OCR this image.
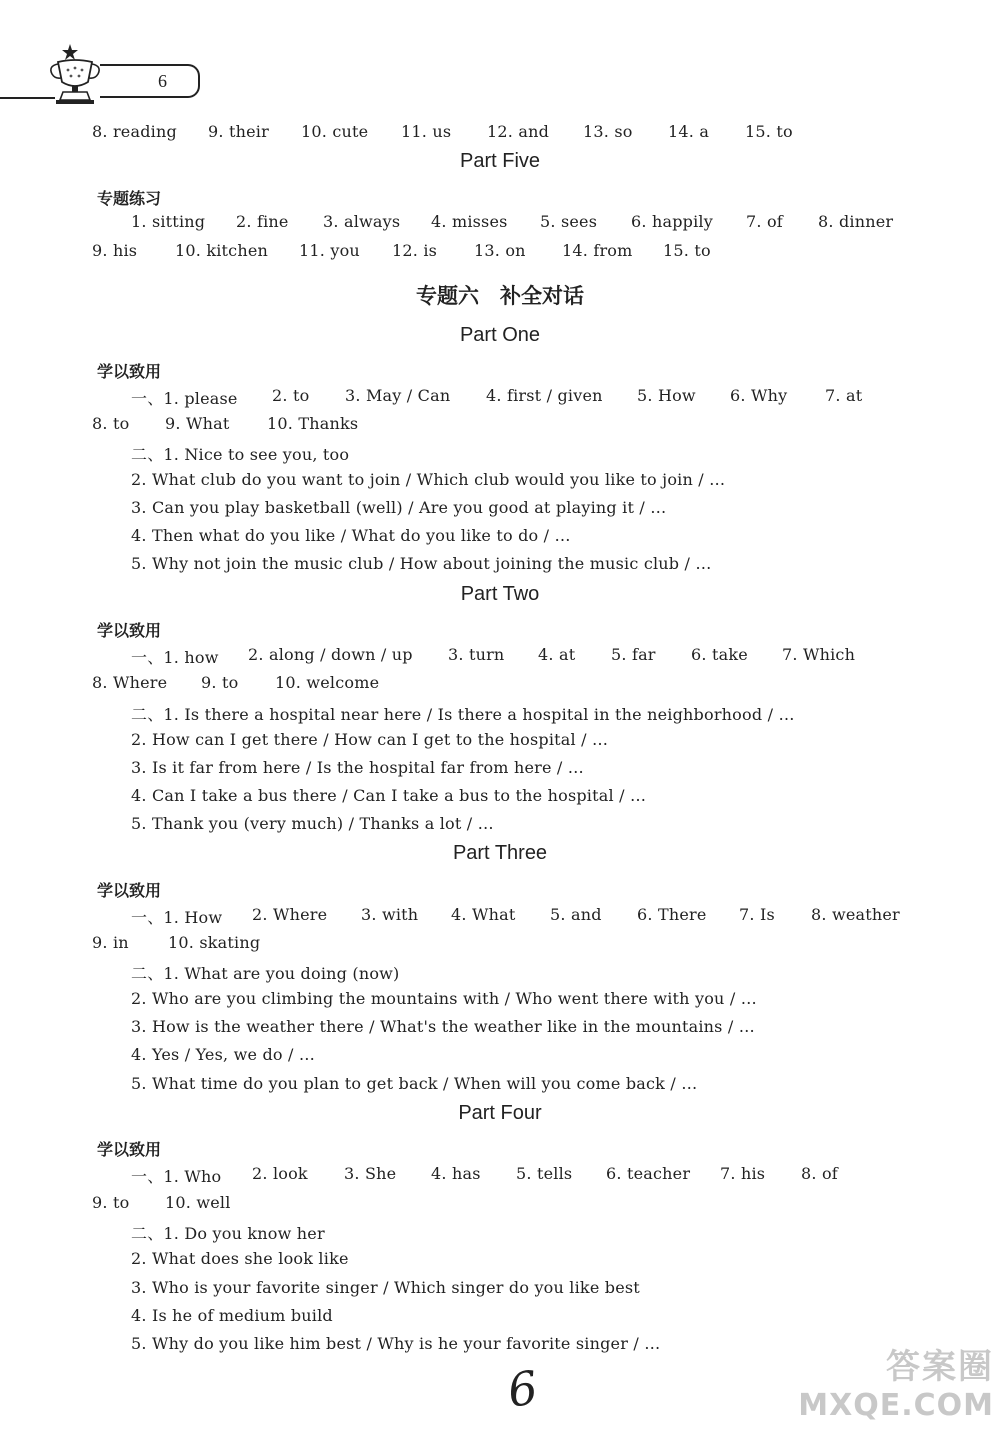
6
8. reading 9. their 10. cute 11. us 12. and 13. so 14. a 15. to
Part Five
专题练习
1. sitting 2. fine 3. always 4. misses 5. sees 6. happily 7. of 8. dinner
9. his 10. kitchen 11. you 12. is 13. on 14. from 15. to
专题六　补全对话
Part One
学以致用
一、1. please 2. to 3. May / Can 4. first / given 5. How 6. Why 7. at
8. to 9. What 10. Thanks
二、1. Nice to see you, too
2. What club do you want to join / Which club would you like to join / …
3. Can you play basketball (well) / Are you good at playing it / …
4. Then what do you like / What do you like to do / …
5. Why not join the music club / How about joining the music club / …
Part Two
学以致用
一、1. how 2. along / down / up 3. turn 4. at 5. far 6. take 7. Which
8. Where 9. to 10. welcome
二、1. Is there a hospital near here / Is there a hospital in the neighborhood / …
2. How can I get there / How can I get to the hospital / …
3. Is it far from here / Is the hospital far from here / …
4. Can I take a bus there / Can I take a bus to the hospital / …
5. Thank you (very much) / Thanks a lot / …
Part Three
学以致用
一、1. How 2. Where 3. with 4. What 5. and 6. There 7. Is 8. weather
9. in 10. skating
二、1. What are you doing (now)
2. Who are you climbing the mountains with / Who went there with you / …
3. How is the weather there / What's the weather like in the mountains / …
4. Yes / Yes, we do / …
5. What time do you plan to get back / When will you come back / …
Part Four
学以致用
一、1. Who 2. look 3. She 4. has 5. tells 6. teacher 7. his 8. of
9. to 10. well
二、1. Do you know her
2. What does she look like
3. Who is your favorite singer / Which singer do you like best
4. Is he of medium build
5. Why do you like him best / Why is he your favorite singer / …
6	答案圈
MXQE.COM
